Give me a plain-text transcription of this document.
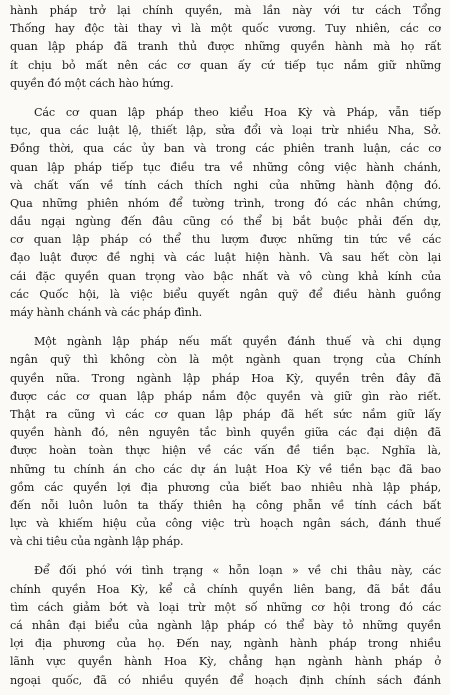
hành pháp trở lại chính quyền, mà lần này với tư cách Tổng
Thống hay độc tài thay vì là một quốc vương. Tuy nhiên, các cơ
quan lập pháp đã tranh thủ được những quyền hành mà họ rất
ít chịu bỏ mất nên các cơ quan ấy cứ tiếp tục nắm giữ những
quyền đó một cách hào hứng.
Các cơ quan lập pháp theo kiểu Hoa Kỳ và Pháp, vẫn tiếp
tục, qua các luật lệ, thiết lập, sửa đổi và loại trừ nhiều Nha, Sở.
Đồng thời, qua các ủy ban và trong các phiên tranh luận, các cơ
quan lập pháp tiếp tục điều tra về những công việc hành chánh,
và chất vấn về tính cách thích nghi của những hành động đó.
Qua những phiên nhóm để tường trình, trong đó các nhân chứng,
dầu ngại ngùng đến đâu cũng có thể bị bắt buộc phải đến dự,
cơ quan lập pháp có thể thu lượm được những tin tức về các
đạo luật được đề nghị và các luật hiện hành. Và sau hết còn lại
cái đặc quyền quan trọng vào bậc nhất và vô cùng khả kính của
các Quốc hội, là việc biểu quyết ngân quỹ để điều hành guồng
máy hành chánh và các pháp đình.
Một ngành lập pháp nếu mất quyền đánh thuế và chi dụng
ngân quỹ thì không còn là một ngành quan trọng của Chính
quyền nữa. Trong ngành lập pháp Hoa Kỳ, quyền trên đây đã
được các cơ quan lập pháp nắm độc quyền và giữ gìn rào riết.
Thật ra cũng vì các cơ quan lập pháp đã hết sức nắm giữ lấy
quyền hành đó, nên nguyên tắc bình quyền giữa các đại diện đã
được hoàn toàn thực hiện về các vấn đề tiền bạc. Nghĩa là,
những tu chính án cho các dự án luật Hoa Kỳ về tiền bạc đã bao
gồm các quyền lợi địa phương của biết bao nhiêu nhà lập pháp,
đến nỗi luôn luôn ta thấy thiên hạ công phẫn về tính cách bất
lực và khiếm hiệu của công việc trù hoạch ngân sách, đánh thuế
và chi tiêu của ngành lập pháp.
Để đối phó với tình trạng « hỗn loạn » về chi thâu này, các
chính quyền Hoa Kỳ, kể cả chính quyền liên bang, đã bắt đầu
tìm cách giảm bớt và loại trừ một số những cơ hội trong đó các
cá nhân đại biểu của ngành lập pháp có thể bày tỏ những quyền
lợi địa phương của họ. Đến nay, ngành hành pháp trong nhiều
lãnh vực quyền hành Hoa Kỳ, chẳng hạn ngành hành pháp ở
ngoại quốc, đã có nhiều quyền để hoạch định chính sách đánh
